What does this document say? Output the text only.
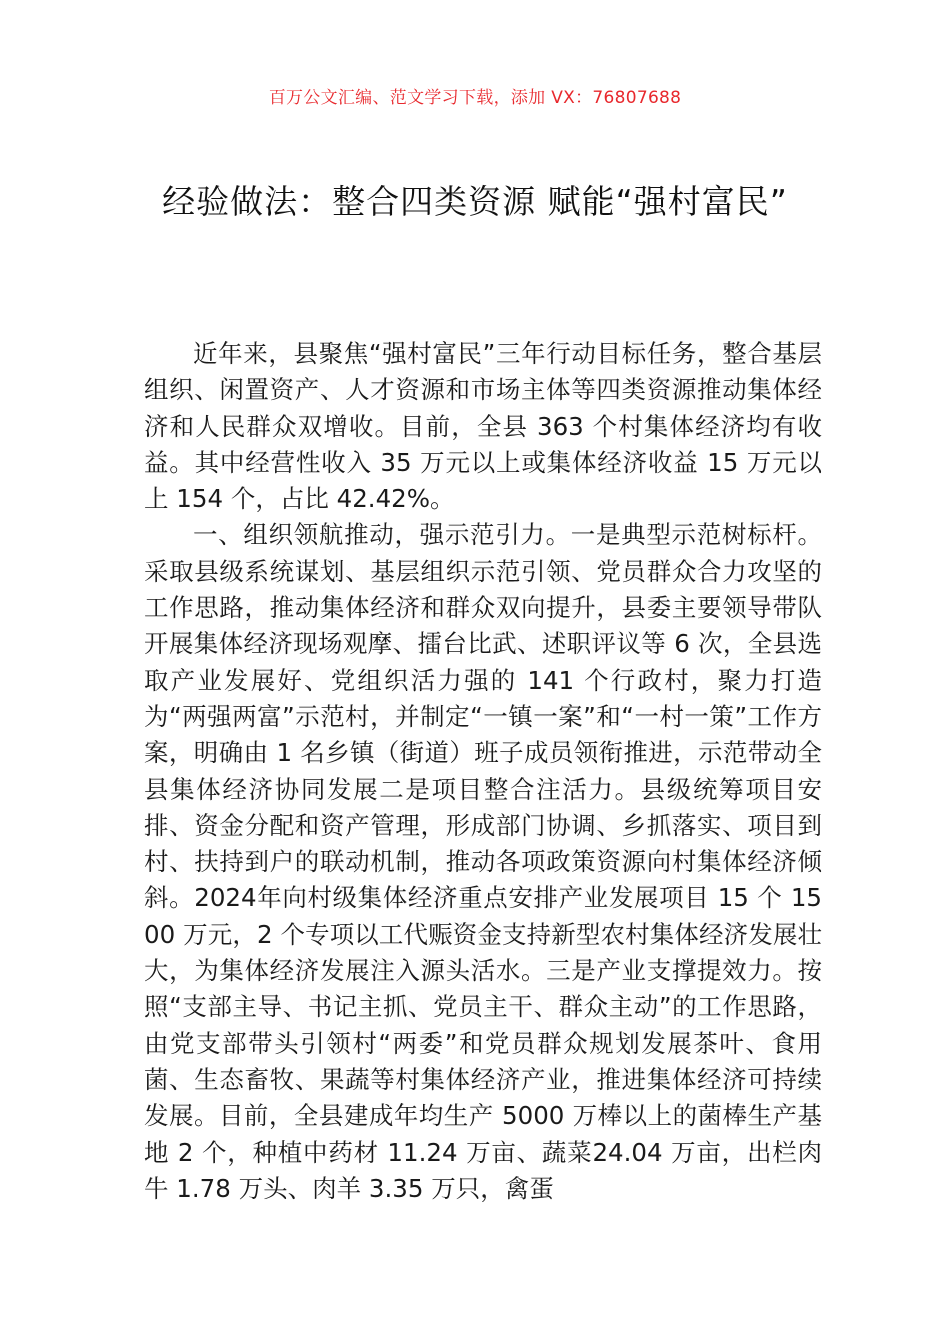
百万公文汇编、范文学习下载，添加 VX：76807688
经验做法：整合四类资源 赋能“强村富民”

近年来，县聚焦“强村富民”三年行动目标任务，整合基层组织、闲置资产、人才资源和市场主体等四类资源推动集体经济和人民群众双增收。目前，全县 363 个村集体经济均有收益。其中经营性收入 35 万元以上或集体经济收益 15 万元以上 154 个，占比 42.42%。

一、组织领航推动，强示范引力。一是典型示范树标杆。采取县级系统谋划、基层组织示范引领、党员群众合力攻坚的工作思路，推动集体经济和群众双向提升，县委主要领导带队开展集体经济现场观摩、擂台比武、述职评议等 6 次，全县选取产业发展好、党组织活力强的 141 个行政村，聚力打造为“两强两富”示范村，并制定“一镇一案”和“一村一策”工作方案，明确由 1 名乡镇（街道）班子成员领衔推进，示范带动全县集体经济协同发展二是项目整合注活力。县级统筹项目安排、资金分配和资产管理，形成部门协调、乡抓落实、项目到村、扶持到户的联动机制，推动各项政策资源向村集体经济倾斜。2024年向村级集体经济重点安排产业发展项目 15 个 1500 万元，2 个专项以工代赈资金支持新型农村集体经济发展壮大，为集体经济发展注入源头活水。三是产业支撑提效力。按照“支部主导、书记主抓、党员主干、群众主动”的工作思路，由党支部带头引领村“两委”和党员群众规划发展茶叶、食用菌、生态畜牧、果蔬等村集体经济产业，推进集体经济可持续发展。目前，全县建成年均生产 5000 万棒以上的菌棒生产基地 2 个，种植中药材 11.24 万亩、蔬菜24.04 万亩，出栏肉牛 1.78 万头、肉羊 3.35 万只，禽蛋
